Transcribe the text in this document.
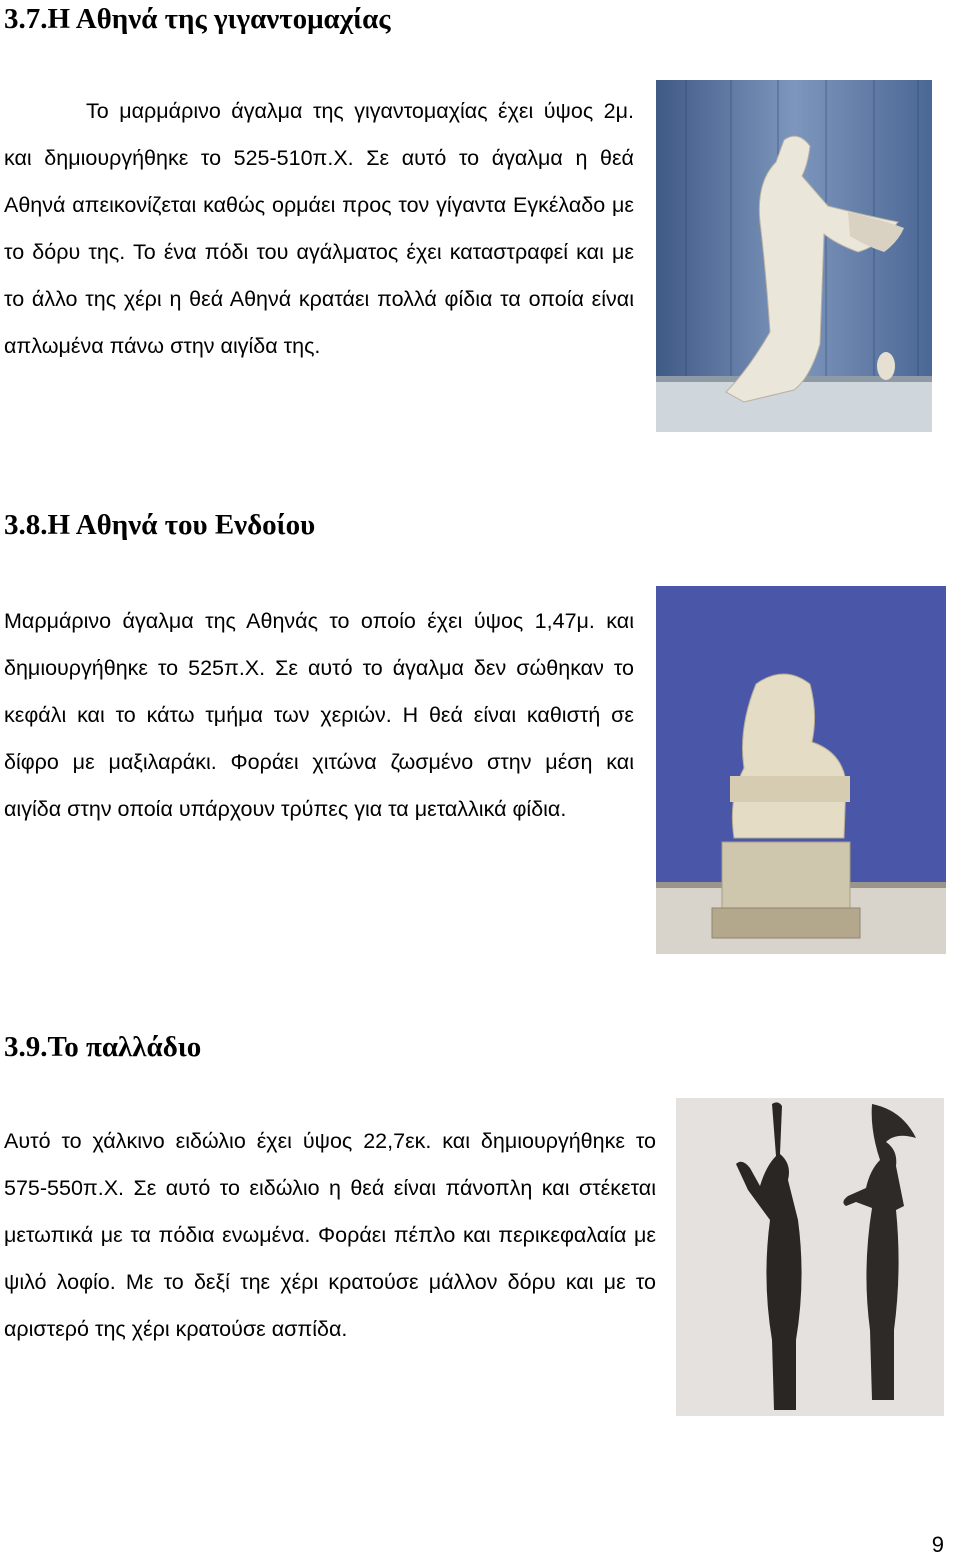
3.7.Η Αθηνά της γιγαντομαχίας

Το μαρμάρινο άγαλμα της γιγαντομαχίας έχει ύψος 2μ. και δημιουργήθηκε το 525-510π.Χ. Σε αυτό το άγαλμα η θεά Αθηνά απεικονίζεται καθώς ορμάει προς τον γίγαντα Εγκέλαδο με το δόρυ της. Το ένα πόδι του αγάλματος έχει καταστραφεί και με το άλλο της χέρι η θεά Αθηνά κρατάει πολλά φίδια τα οποία είναι απλωμένα πάνω στην αιγίδα της.

3.8.Η Αθηνά του Ενδοίου

Μαρμάρινο άγαλμα της Αθηνάς το οποίο έχει ύψος 1,47μ. και δημιουργήθηκε το 525π.Χ. Σε αυτό το άγαλμα δεν σώθηκαν το κεφάλι και το κάτω τμήμα των χεριών. Η θεά είναι καθιστή σε δίφρο με μαξιλαράκι. Φοράει χιτώνα ζωσμένο στην μέση και αιγίδα στην οποία υπάρχουν τρύπες για τα μεταλλικά φίδια.

3.9.Το παλλάδιο

Αυτό το χάλκινο ειδώλιο έχει ύψος 22,7εκ. και δημιουργήθηκε το 575-550π.Χ. Σε αυτό το ειδώλιο η θεά είναι πάνοπλη και στέκεται μετωπικά με τα πόδια ενωμένα. Φοράει πέπλο και περικεφαλαία με ψιλό λοφίο. Με το δεξί τηε χέρι κρατούσε μάλλον δόρυ και με το αριστερό της χέρι κρατούσε ασπίδα.

9
